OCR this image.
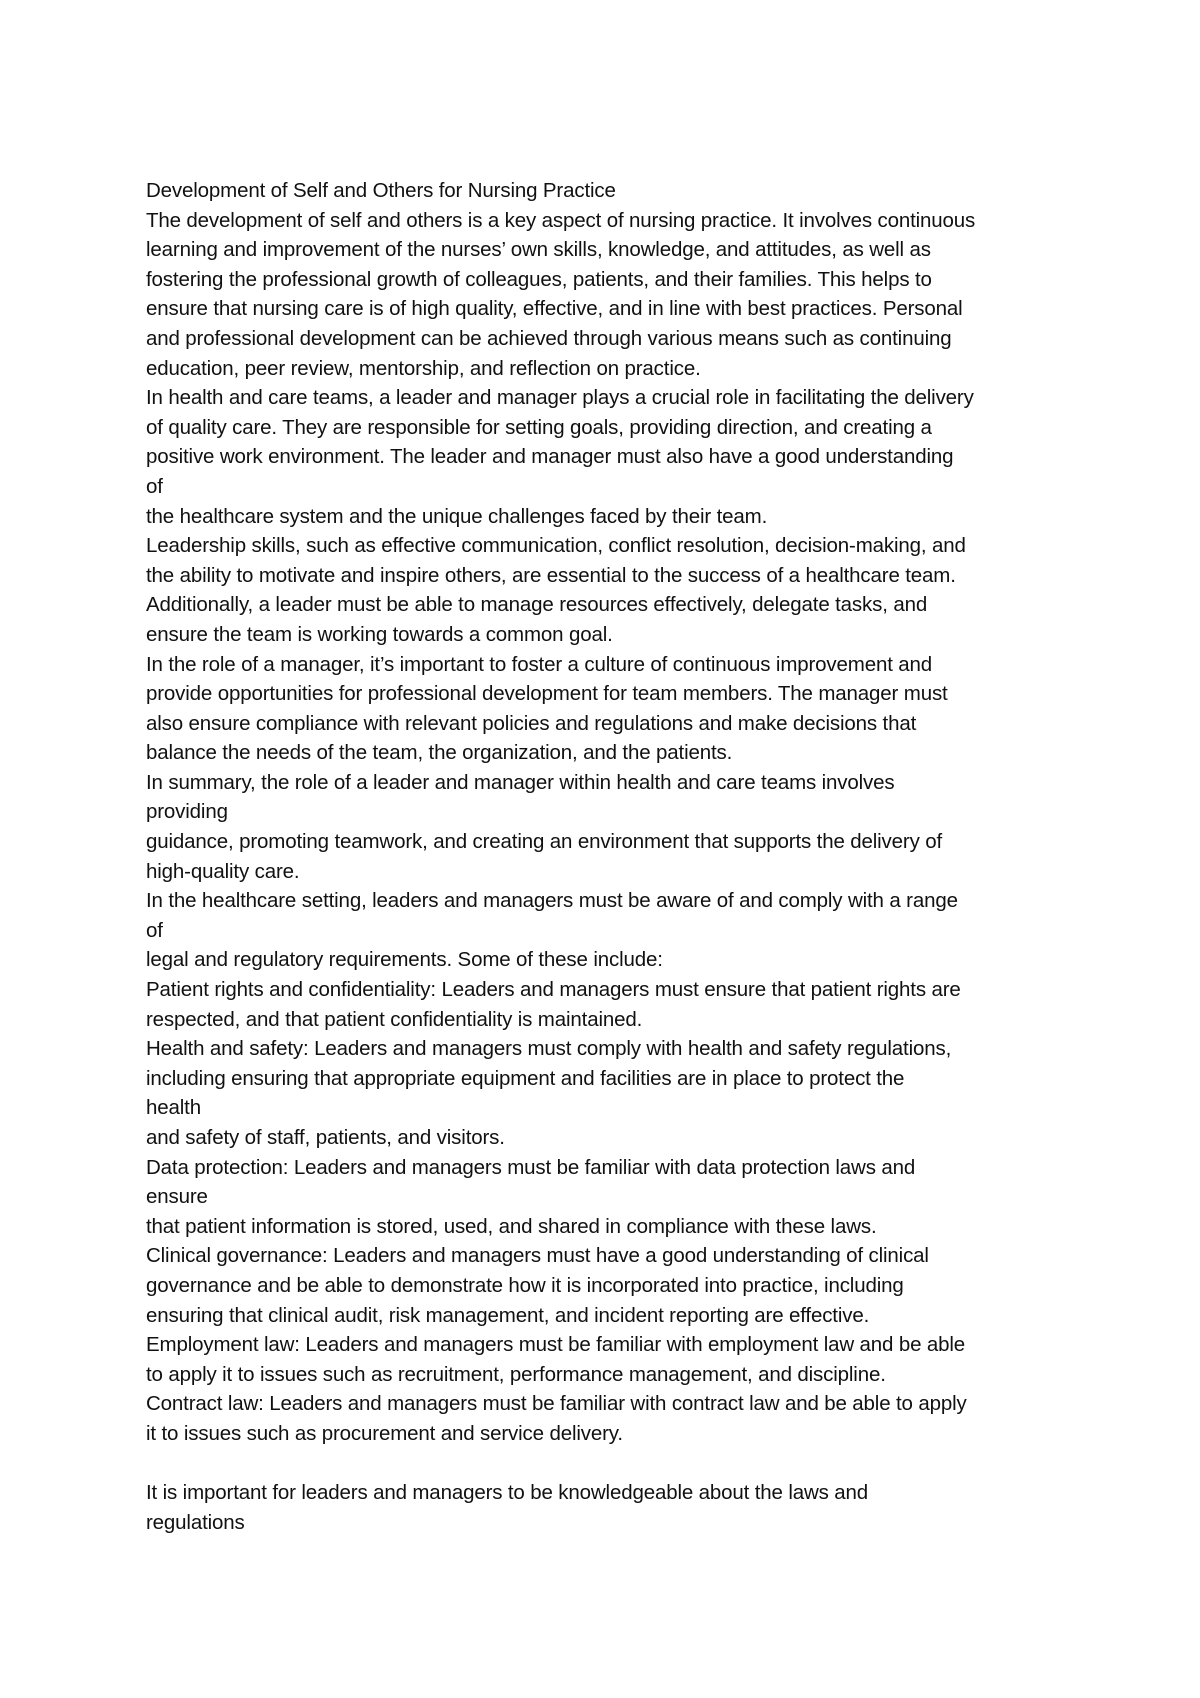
Development of Self and Others for Nursing Practice
The development of self and others is a key aspect of nursing practice. It involves continuous
learning and improvement of the nurses’ own skills, knowledge, and attitudes, as well as
fostering the professional growth of colleagues, patients, and their families. This helps to
ensure that nursing care is of high quality, effective, and in line with best practices. Personal
and professional development can be achieved through various means such as continuing
education, peer review, mentorship, and reflection on practice.
In health and care teams, a leader and manager plays a crucial role in facilitating the delivery
of quality care. They are responsible for setting goals, providing direction, and creating a
positive work environment. The leader and manager must also have a good understanding
of
the healthcare system and the unique challenges faced by their team.
Leadership skills, such as effective communication, conflict resolution, decision-making, and
the ability to motivate and inspire others, are essential to the success of a healthcare team.
Additionally, a leader must be able to manage resources effectively, delegate tasks, and
ensure the team is working towards a common goal.
In the role of a manager, it’s important to foster a culture of continuous improvement and
provide opportunities for professional development for team members. The manager must
also ensure compliance with relevant policies and regulations and make decisions that
balance the needs of the team, the organization, and the patients.
In summary, the role of a leader and manager within health and care teams involves
providing
guidance, promoting teamwork, and creating an environment that supports the delivery of
high-quality care.
In the healthcare setting, leaders and managers must be aware of and comply with a range
of
legal and regulatory requirements. Some of these include:
Patient rights and confidentiality: Leaders and managers must ensure that patient rights are
respected, and that patient confidentiality is maintained.
Health and safety: Leaders and managers must comply with health and safety regulations,
including ensuring that appropriate equipment and facilities are in place to protect the
health
and safety of staff, patients, and visitors.
Data protection: Leaders and managers must be familiar with data protection laws and
ensure
that patient information is stored, used, and shared in compliance with these laws.
Clinical governance: Leaders and managers must have a good understanding of clinical
governance and be able to demonstrate how it is incorporated into practice, including
ensuring that clinical audit, risk management, and incident reporting are effective.
Employment law: Leaders and managers must be familiar with employment law and be able
to apply it to issues such as recruitment, performance management, and discipline.
Contract law: Leaders and managers must be familiar with contract law and be able to apply
it to issues such as procurement and service delivery.
It is important for leaders and managers to be knowledgeable about the laws and
regulations
